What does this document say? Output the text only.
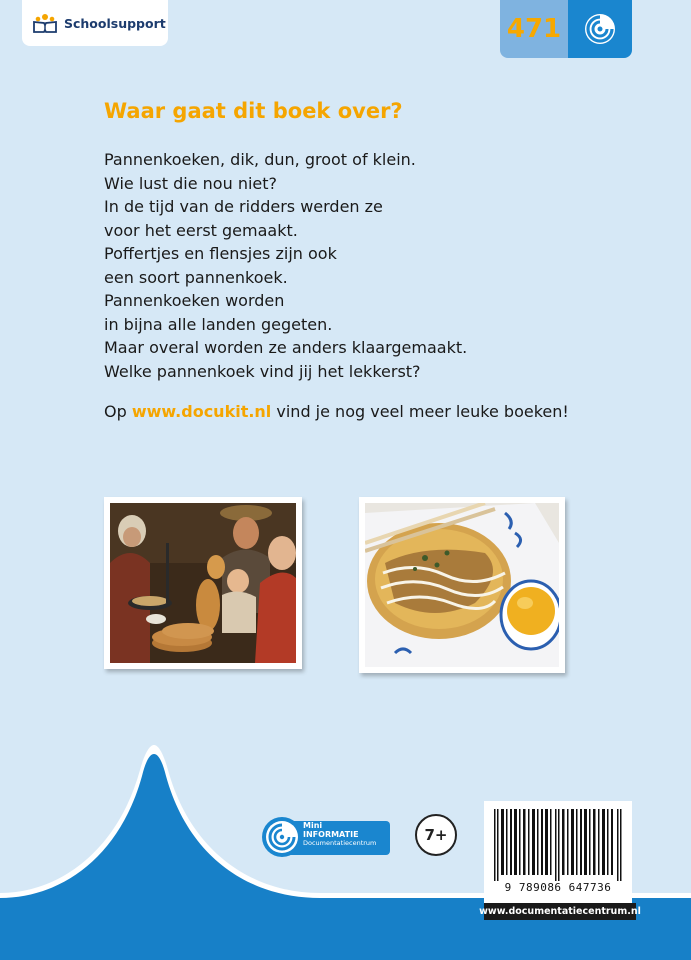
Schoolsupport	471
Waar gaat dit boek over?
Pannenkoeken, dik, dun, groot of klein.
Wie lust die nou niet?
In de tijd van de ridders werden ze
voor het eerst gemaakt.
Poffertjes en flensjes zijn ook
een soort pannenkoek.
Pannenkoeken worden
in bijna alle landen gegeten.
Maar overal worden ze anders klaargemaakt.
Welke pannenkoek vind jij het lekkerst?
Op www.docukit.nl vind je nog veel meer leuke boeken!
Mini
INFORMATIE
Documentatiecentrum	7+
9 789086 647736
www.documentatiecentrum.nl
